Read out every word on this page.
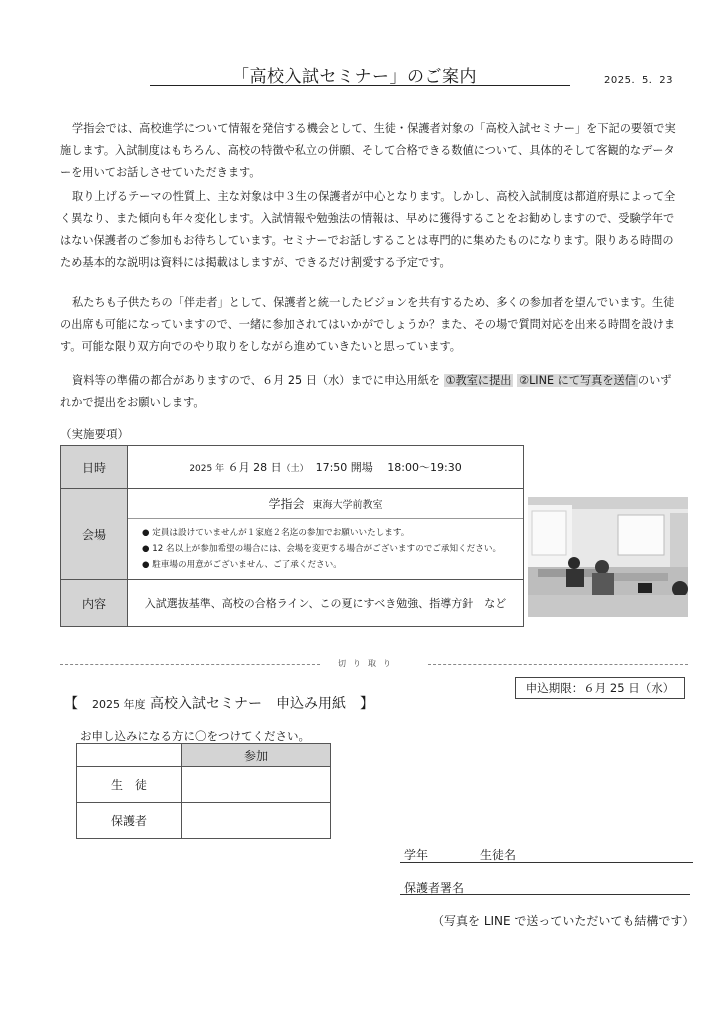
「高校入試セミナー」のご案内	2025．5．23

学指会では、高校進学について情報を発信する機会として、生徒・保護者対象の「高校入試セミナー」を下記の要領で実施します。入試制度はもちろん、高校の特徴や私立の併願、そして合格できる数値について、具体的そして客観的なデーターを用いてお話しさせていただきます。

取り上げるテーマの性質上、主な対象は中３生の保護者が中心となります。しかし、高校入試制度は都道府県によって全く異なり、また傾向も年々変化します。入試情報や勉強法の情報は、早めに獲得することをお勧めしますので、受験学年ではない保護者のご参加もお待ちしています。セミナーでお話しすることは専門的に集めたものになります。限りある時間のため基本的な説明は資料には掲載はしますが、できるだけ割愛する予定です。

私たちも子供たちの「伴走者」として、保護者と統一したビジョンを共有するため、多くの参加者を望んでいます。生徒の出席も可能になっていますので、一緒に参加されてはいかがでしょうか？また、その場で質問対応を出来る時間を設けます。可能な限り双方向でのやり取りをしながら進めていきたいと思っています。

資料等の準備の都合がありますので、６月 25 日（水）までに申込用紙を ①教室に提出 ②LINE にて写真を送信 のいずれかで提出をお願いします。

（実施要項）
日時	2025 年 ６月 28 日（土） 17:50 開場　 18:00～19:30
会場	学指会 東海大学前教室
● 定員は設けていませんが１家庭２名迄の参加でお願いいたします。
● 12 名以上が参加希望の場合には、会場を変更する場合がございますのでご承知ください。
● 駐車場の用意がございません、ご了承ください。

内容	入試選抜基準、高校の合格ライン、この夏にすべき勉強、指導方針　など
切り取り
申込期限：６月 25 日（水）
【　2025 年度 高校入試セミナー　申込み用紙　】
お申し込みになる方に〇をつけてください。
	参加
生　徒	
保護者	
学年	生徒名
保護者署名
（写真を LINE で送っていただいても結構です）
